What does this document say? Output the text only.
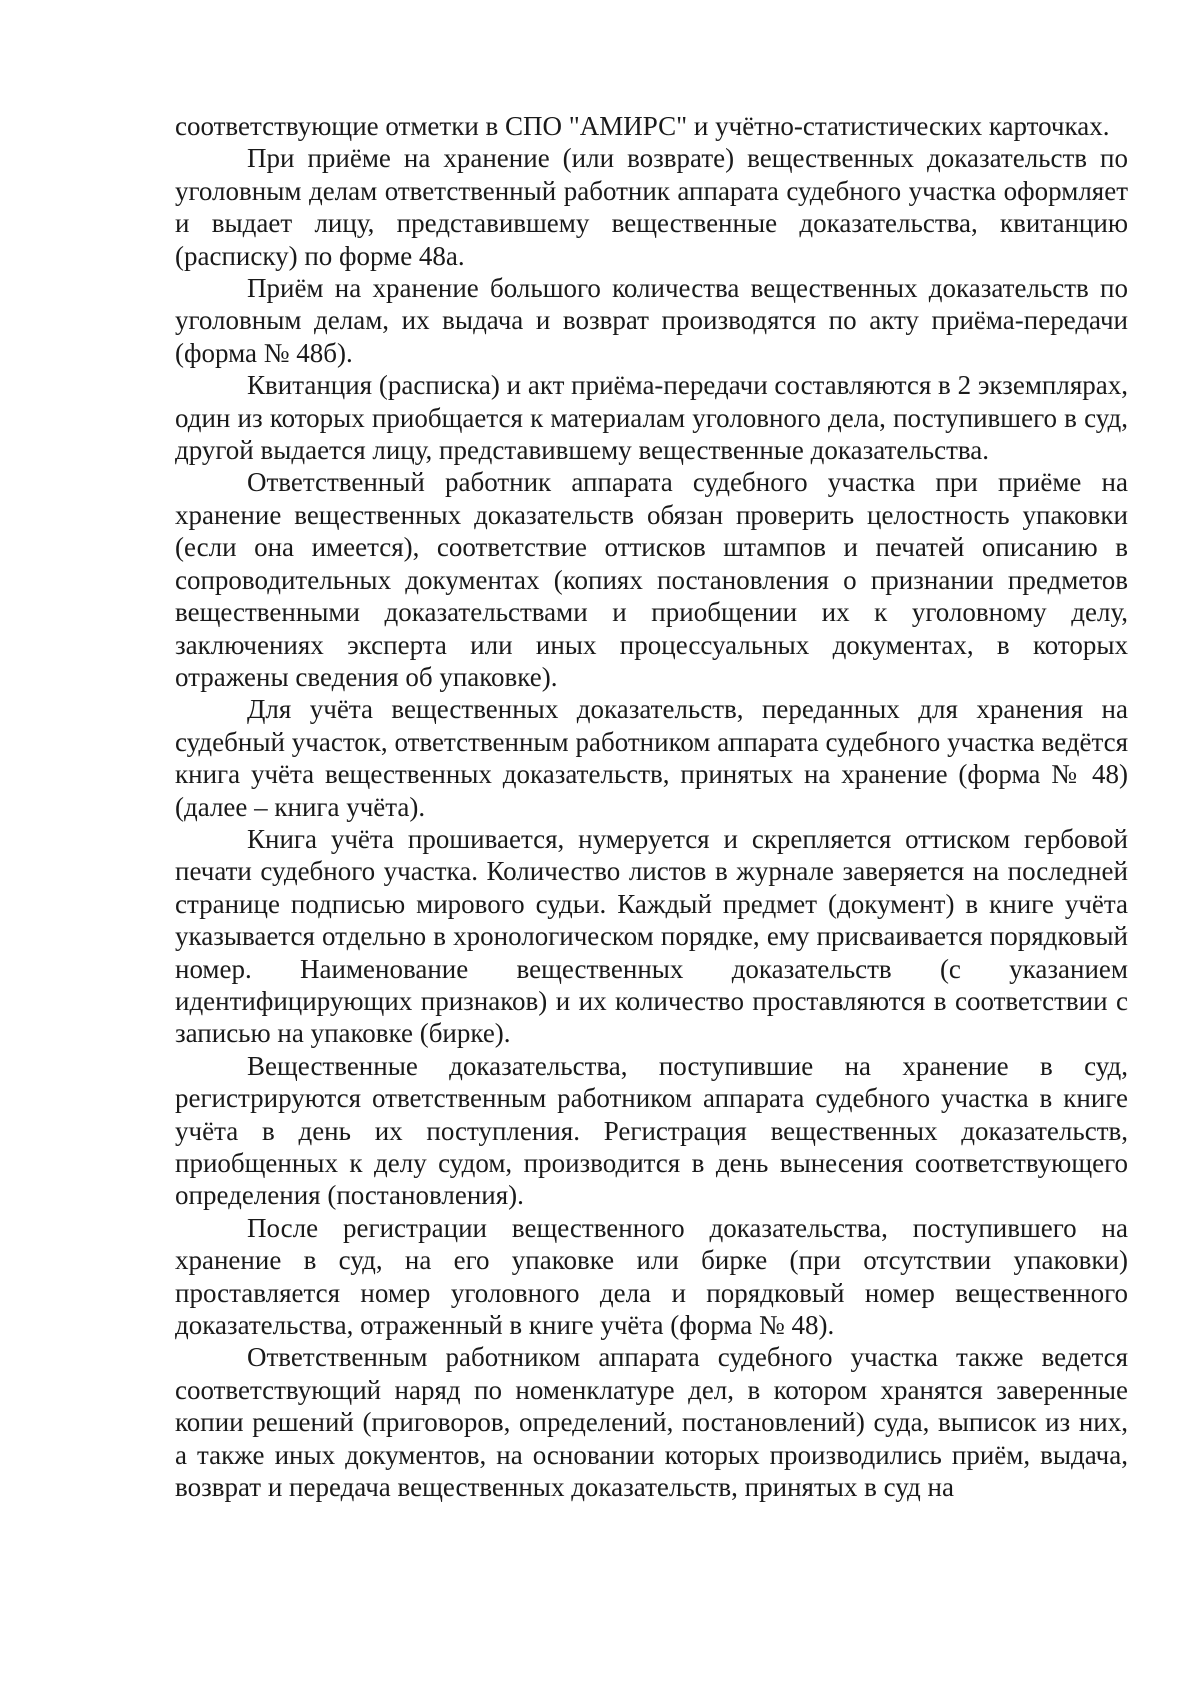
соответствующие отметки в СПО "АМИРС" и учётно-статистических карточках.

При приёме на хранение (или возврате) вещественных доказательств по уголовным делам ответственный работник аппарата судебного участка оформляет и выдает лицу, представившему вещественные доказательства, квитанцию (расписку) по форме 48а.

Приём на хранение большого количества вещественных доказательств по уголовным делам, их выдача и возврат производятся по акту приёма-передачи (форма № 48б).

Квитанция (расписка) и акт приёма-передачи составляются в 2 экземплярах, один из которых приобщается к материалам уголовного дела, поступившего в суд, другой выдается лицу, представившему вещественные доказательства.

Ответственный работник аппарата судебного участка при приёме на хранение вещественных доказательств обязан проверить целостность упаковки (если она имеется), соответствие оттисков штампов и печатей описанию в сопроводительных документах (копиях постановления о признании предметов вещественными доказательствами и приобщении их к уголовному делу, заключениях эксперта или иных процессуальных документах, в которых отражены сведения об упаковке).

Для учёта вещественных доказательств, переданных для хранения на судебный участок, ответственным работником аппарата судебного участка ведётся книга учёта вещественных доказательств, принятых на хранение (форма № 48) (далее – книга учёта).

Книга учёта прошивается, нумеруется и скрепляется оттиском гербовой печати судебного участка. Количество листов в журнале заверяется на последней странице подписью мирового судьи. Каждый предмет (документ) в книге учёта указывается отдельно в хронологическом порядке, ему присваивается порядковый номер. Наименование вещественных доказательств (с указанием идентифицирующих признаков) и их количество проставляются в соответствии с записью на упаковке (бирке).

Вещественные доказательства, поступившие на хранение в суд, регистрируются ответственным работником аппарата судебного участка в книге учёта в день их поступления. Регистрация вещественных доказательств, приобщенных к делу судом, производится в день вынесения соответствующего определения (постановления).

После регистрации вещественного доказательства, поступившего на хранение в суд, на его упаковке или бирке (при отсутствии упаковки) проставляется номер уголовного дела и порядковый номер вещественного доказательства, отраженный в книге учёта (форма № 48).

Ответственным работником аппарата судебного участка также ведется соответствующий наряд по номенклатуре дел, в котором хранятся заверенные копии решений (приговоров, определений, постановлений) суда, выписок из них, а также иных документов, на основании которых производились приём, выдача, возврат и передача вещественных доказательств, принятых в суд на
